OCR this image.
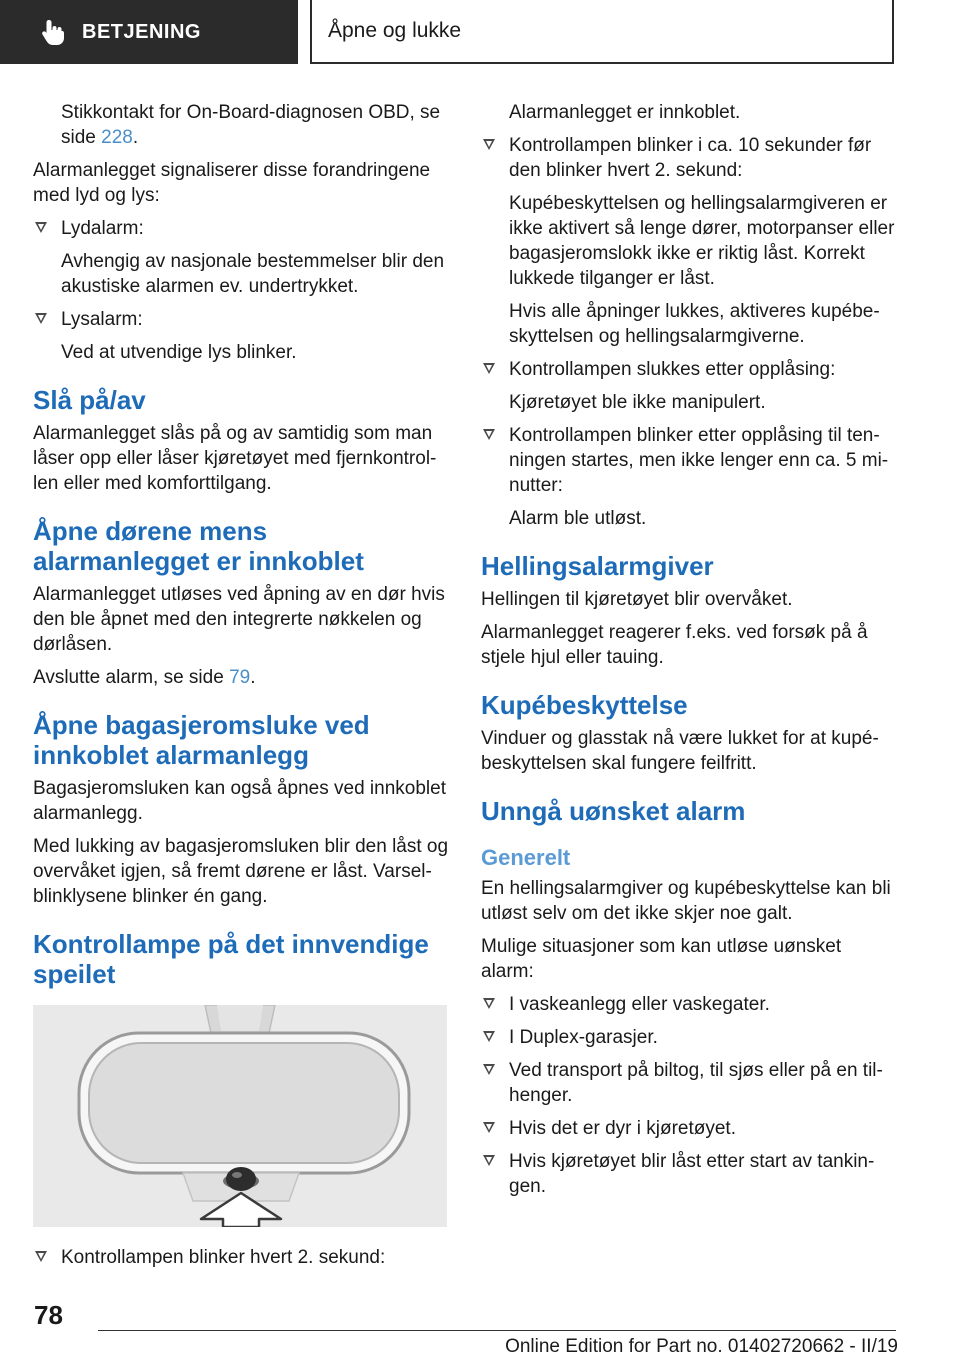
BETJENING	Åpne og lukke

Stikkontakt for On-Board-diagnosen OBD, se side 228.

Alarmanlegget signaliserer disse forandringene med lyd og lys:

Lydalarm:

Avhengig av nasjonale bestemmelser blir den akustiske alarmen ev. undertrykket.

Lysalarm:

Ved at utvendige lys blinker.

Slå på/av

Alarmanlegget slås på og av samtidig som man låser opp eller låser kjøretøyet med fjernkontrol-len eller med komforttilgang.

Åpne dørene mens alarmanlegget er innkoblet

Alarmanlegget utløses ved åpning av en dør hvis den ble åpnet med den integrerte nøkkelen og dørlåsen.

Avslutte alarm, se side 79.

Åpne bagasjeromsluke ved innkoblet alarmanlegg

Bagasjeromsluken kan også åpnes ved innkoblet alarmanlegg.

Med lukking av bagasjeromsluken blir den låst og overvåket igjen, så fremt dørene er låst. Varsel-blinklysene blinker én gang.

Kontrollampe på det innvendige speilet
Kontrollampen blinker hvert 2. sekund:

Alarmanlegget er innkoblet.

Kontrollampen blinker i ca. 10 sekunder før den blinker hvert 2. sekund:

Kupébeskyttelsen og hellingsalarmgiveren er ikke aktivert så lenge dører, motorpanser eller bagasjeromslokk ikke er riktig låst. Korrekt lukkede tilganger er låst.

Hvis alle åpninger lukkes, aktiveres kupébe-skyttelsen og hellingsalarmgiverne.

Kontrollampen slukkes etter opplåsing:

Kjøretøyet ble ikke manipulert.

Kontrollampen blinker etter opplåsing til ten-ningen startes, men ikke lenger enn ca. 5 mi-nutter:

Alarm ble utløst.

Hellingsalarmgiver

Hellingen til kjøretøyet blir overvåket.

Alarmanlegget reagerer f.eks. ved forsøk på å stjele hjul eller tauing.

Kupébeskyttelse

Vinduer og glasstak nå være lukket for at kupé-beskyttelsen skal fungere feilfritt.

Unngå uønsket alarm
Generelt

En hellingsalarmgiver og kupébeskyttelse kan bli utløst selv om det ikke skjer noe galt.

Mulige situasjoner som kan utløse uønsket alarm:

I vaskeanlegg eller vaskegater.
I Duplex-garasjer.
Ved transport på biltog, til sjøs eller på en til-henger.
Hvis det er dyr i kjøretøyet.
Hvis kjøretøyet blir låst etter start av tankin-gen.
78
Online Edition for Part no. 01402720662 - II/19
